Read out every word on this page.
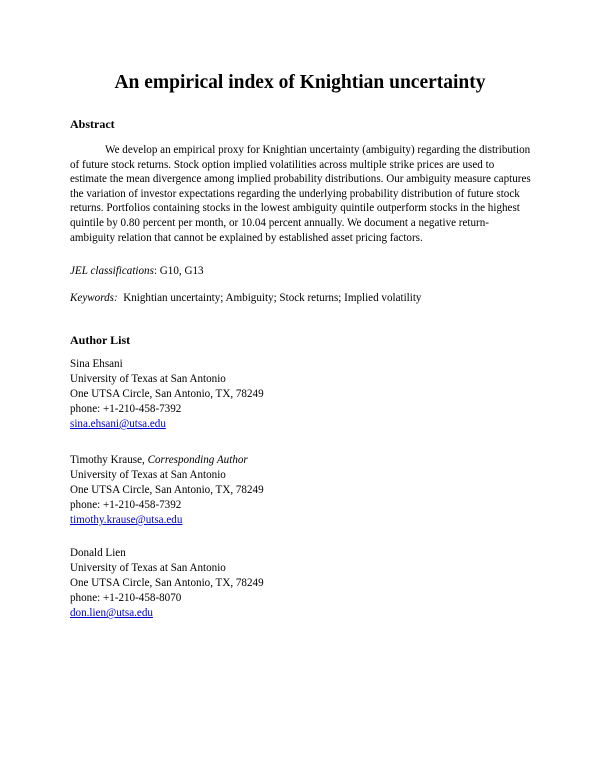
An empirical index of Knightian uncertainty

Abstract

We develop an empirical proxy for Knightian uncertainty (ambiguity) regarding the distribution of future stock returns. Stock option implied volatilities across multiple strike prices are used to estimate the mean divergence among implied probability distributions. Our ambiguity measure captures the variation of investor expectations regarding the underlying probability distribution of future stock returns. Portfolios containing stocks in the lowest ambiguity quintile outperform stocks in the highest quintile by 0.80 percent per month, or 10.04 percent annually. We document a negative return-ambiguity relation that cannot be explained by established asset pricing factors.

JEL classifications: G10, G13

Keywords:  Knightian uncertainty; Ambiguity; Stock returns; Implied volatility

Author List

Sina Ehsani
University of Texas at San Antonio
One UTSA Circle, San Antonio, TX, 78249
phone: +1-210-458-7392
sina.ehsani@utsa.edu
Timothy Krause, Corresponding Author
University of Texas at San Antonio
One UTSA Circle, San Antonio, TX, 78249
phone: +1-210-458-7392
timothy.krause@utsa.edu
Donald Lien
University of Texas at San Antonio
One UTSA Circle, San Antonio, TX, 78249
phone: +1-210-458-8070
don.lien@utsa.edu
